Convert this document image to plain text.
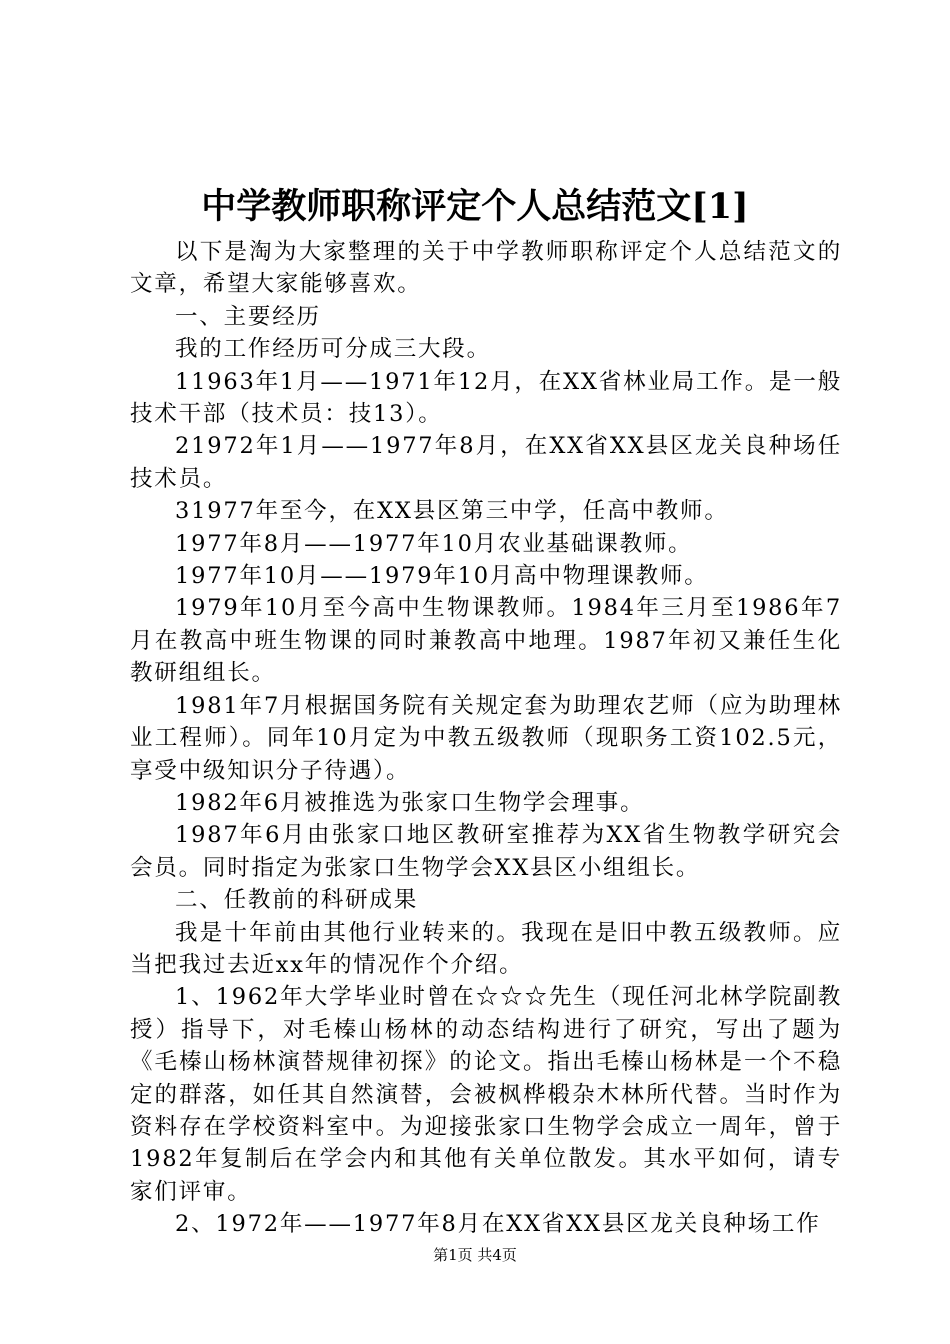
中学教师职称评定个人总结范文[1]

以下是淘为大家整理的关于中学教师职称评定个人总结范文的文章，希望大家能够喜欢。

一、主要经历

我的工作经历可分成三大段。

11963年1月——1971年12月，在XX省林业局工作。是一般技术干部（技术员：技13）。

21972年1月——1977年8月，在XX省XX县区龙关良种场任技术员。

31977年至今，在XX县区第三中学，任高中教师。

1977年8月——1977年10月农业基础课教师。

1977年10月——1979年10月高中物理课教师。

1979年10月至今高中生物课教师。1984年三月至1986年7月在教高中班生物课的同时兼教高中地理。1987年初又兼任生化教研组组长。

1981年7月根据国务院有关规定套为助理农艺师（应为助理林业工程师）。同年10月定为中教五级教师（现职务工资102.5元，享受中级知识分子待遇）。

1982年6月被推选为张家口生物学会理事。

1987年6月由张家口地区教研室推荐为XX省生物教学研究会会员。同时指定为张家口生物学会XX县区小组组长。

二、任教前的科研成果

我是十年前由其他行业转来的。我现在是旧中教五级教师。应当把我过去近xx年的情况作个介绍。

1、1962年大学毕业时曾在☆☆☆先生（现任河北林学院副教授）指导下，对毛榛山杨林的动态结构进行了研究，写出了题为《毛榛山杨林演替规律初探》的论文。指出毛榛山杨林是一个不稳定的群落，如任其自然演替，会被枫桦椴杂木林所代替。当时作为资料存在学校资料室中。为迎接张家口生物学会成立一周年，曾于1982年复制后在学会内和其他有关单位散发。其水平如何，请专家们评审。

2、1972年——1977年8月在XX省XX县区龙关良种场工作

第1页 共4页
